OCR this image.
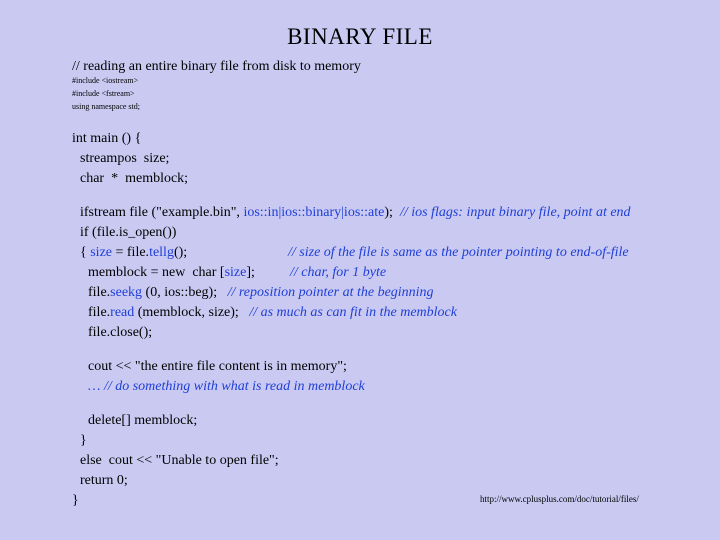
BINARY FILE
// reading an entire binary file from disk to memory
#include <iostream>
#include <fstream>
using namespace std;
int main () {
streampos  size;
char  *  memblock;
ifstream file ("example.bin", ios::in|ios::binary|ios::ate);  // ios flags: input binary file, point at end
if (file.is_open())
{ size = file.tellg();	// size of the file is same as the pointer pointing to end-of-file
memblock = new  char [size];	// char, for 1 byte
file.seekg (0, ios::beg);   // reposition pointer at the beginning
file.read (memblock, size);   // as much as can fit in the memblock
file.close();
cout << "the entire file content is in memory";
… // do something with what is read in memblock
delete[] memblock;
}
else  cout << "Unable to open file";
return 0;
}	http://www.cplusplus.com/doc/tutorial/files/
